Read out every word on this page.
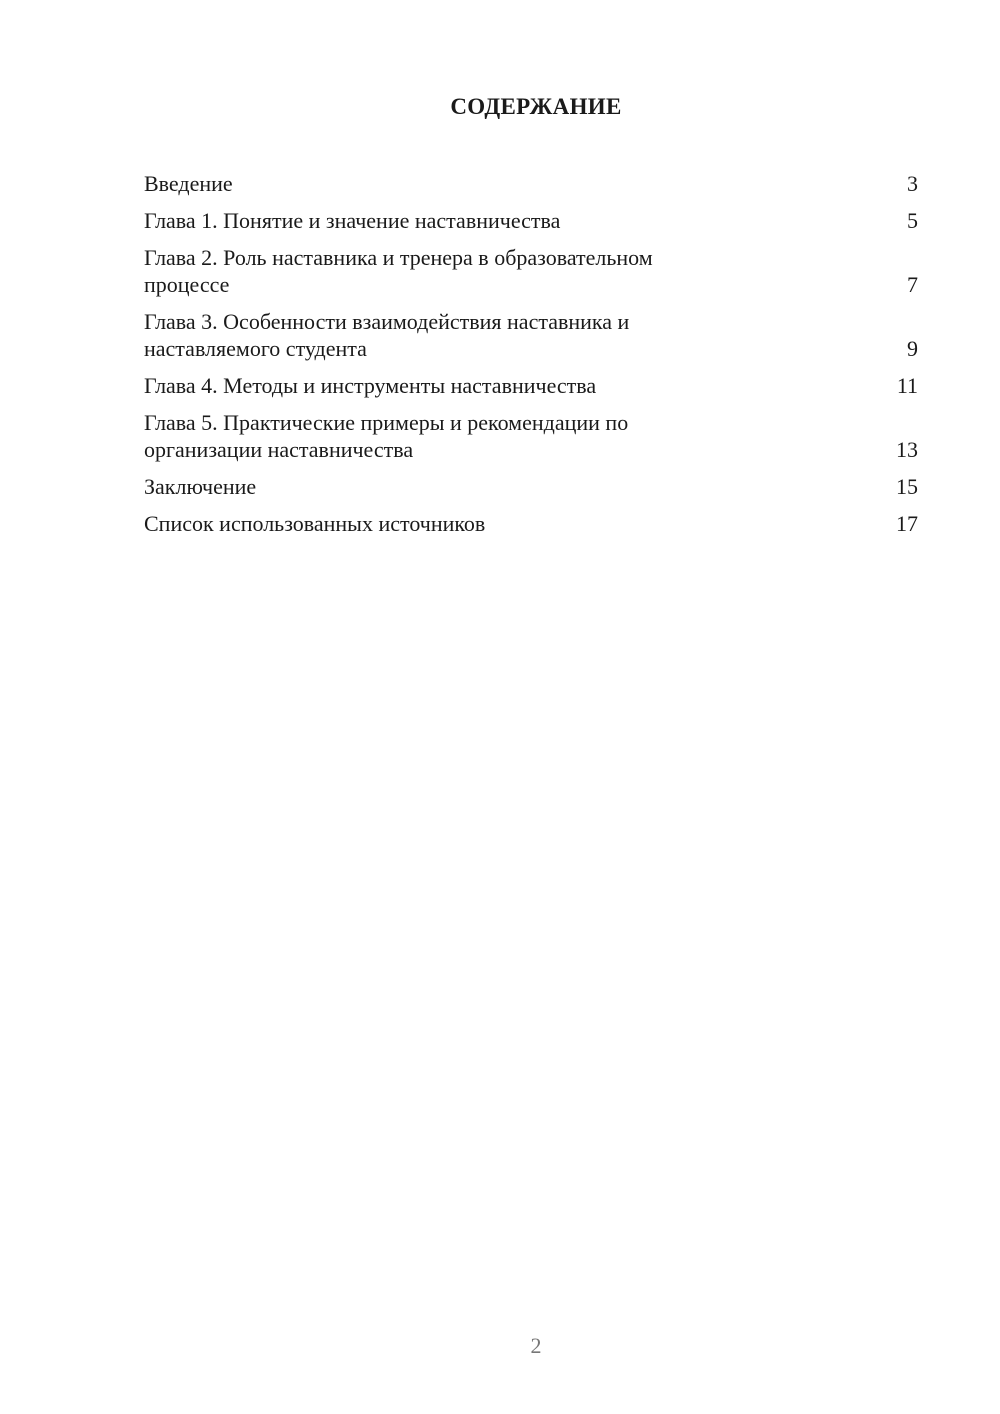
СОДЕРЖАНИЕ
Введение	3
Глава 1. Понятие и значение наставничества	5
Глава 2. Роль наставника и тренера в образовательном
процессе	7
Глава 3. Особенности взаимодействия наставника и
наставляемого студента	9
Глава 4. Методы и инструменты наставничества	11
Глава 5. Практические примеры и рекомендации по
организации наставничества	13
Заключение	15
Список использованных источников	17
2
